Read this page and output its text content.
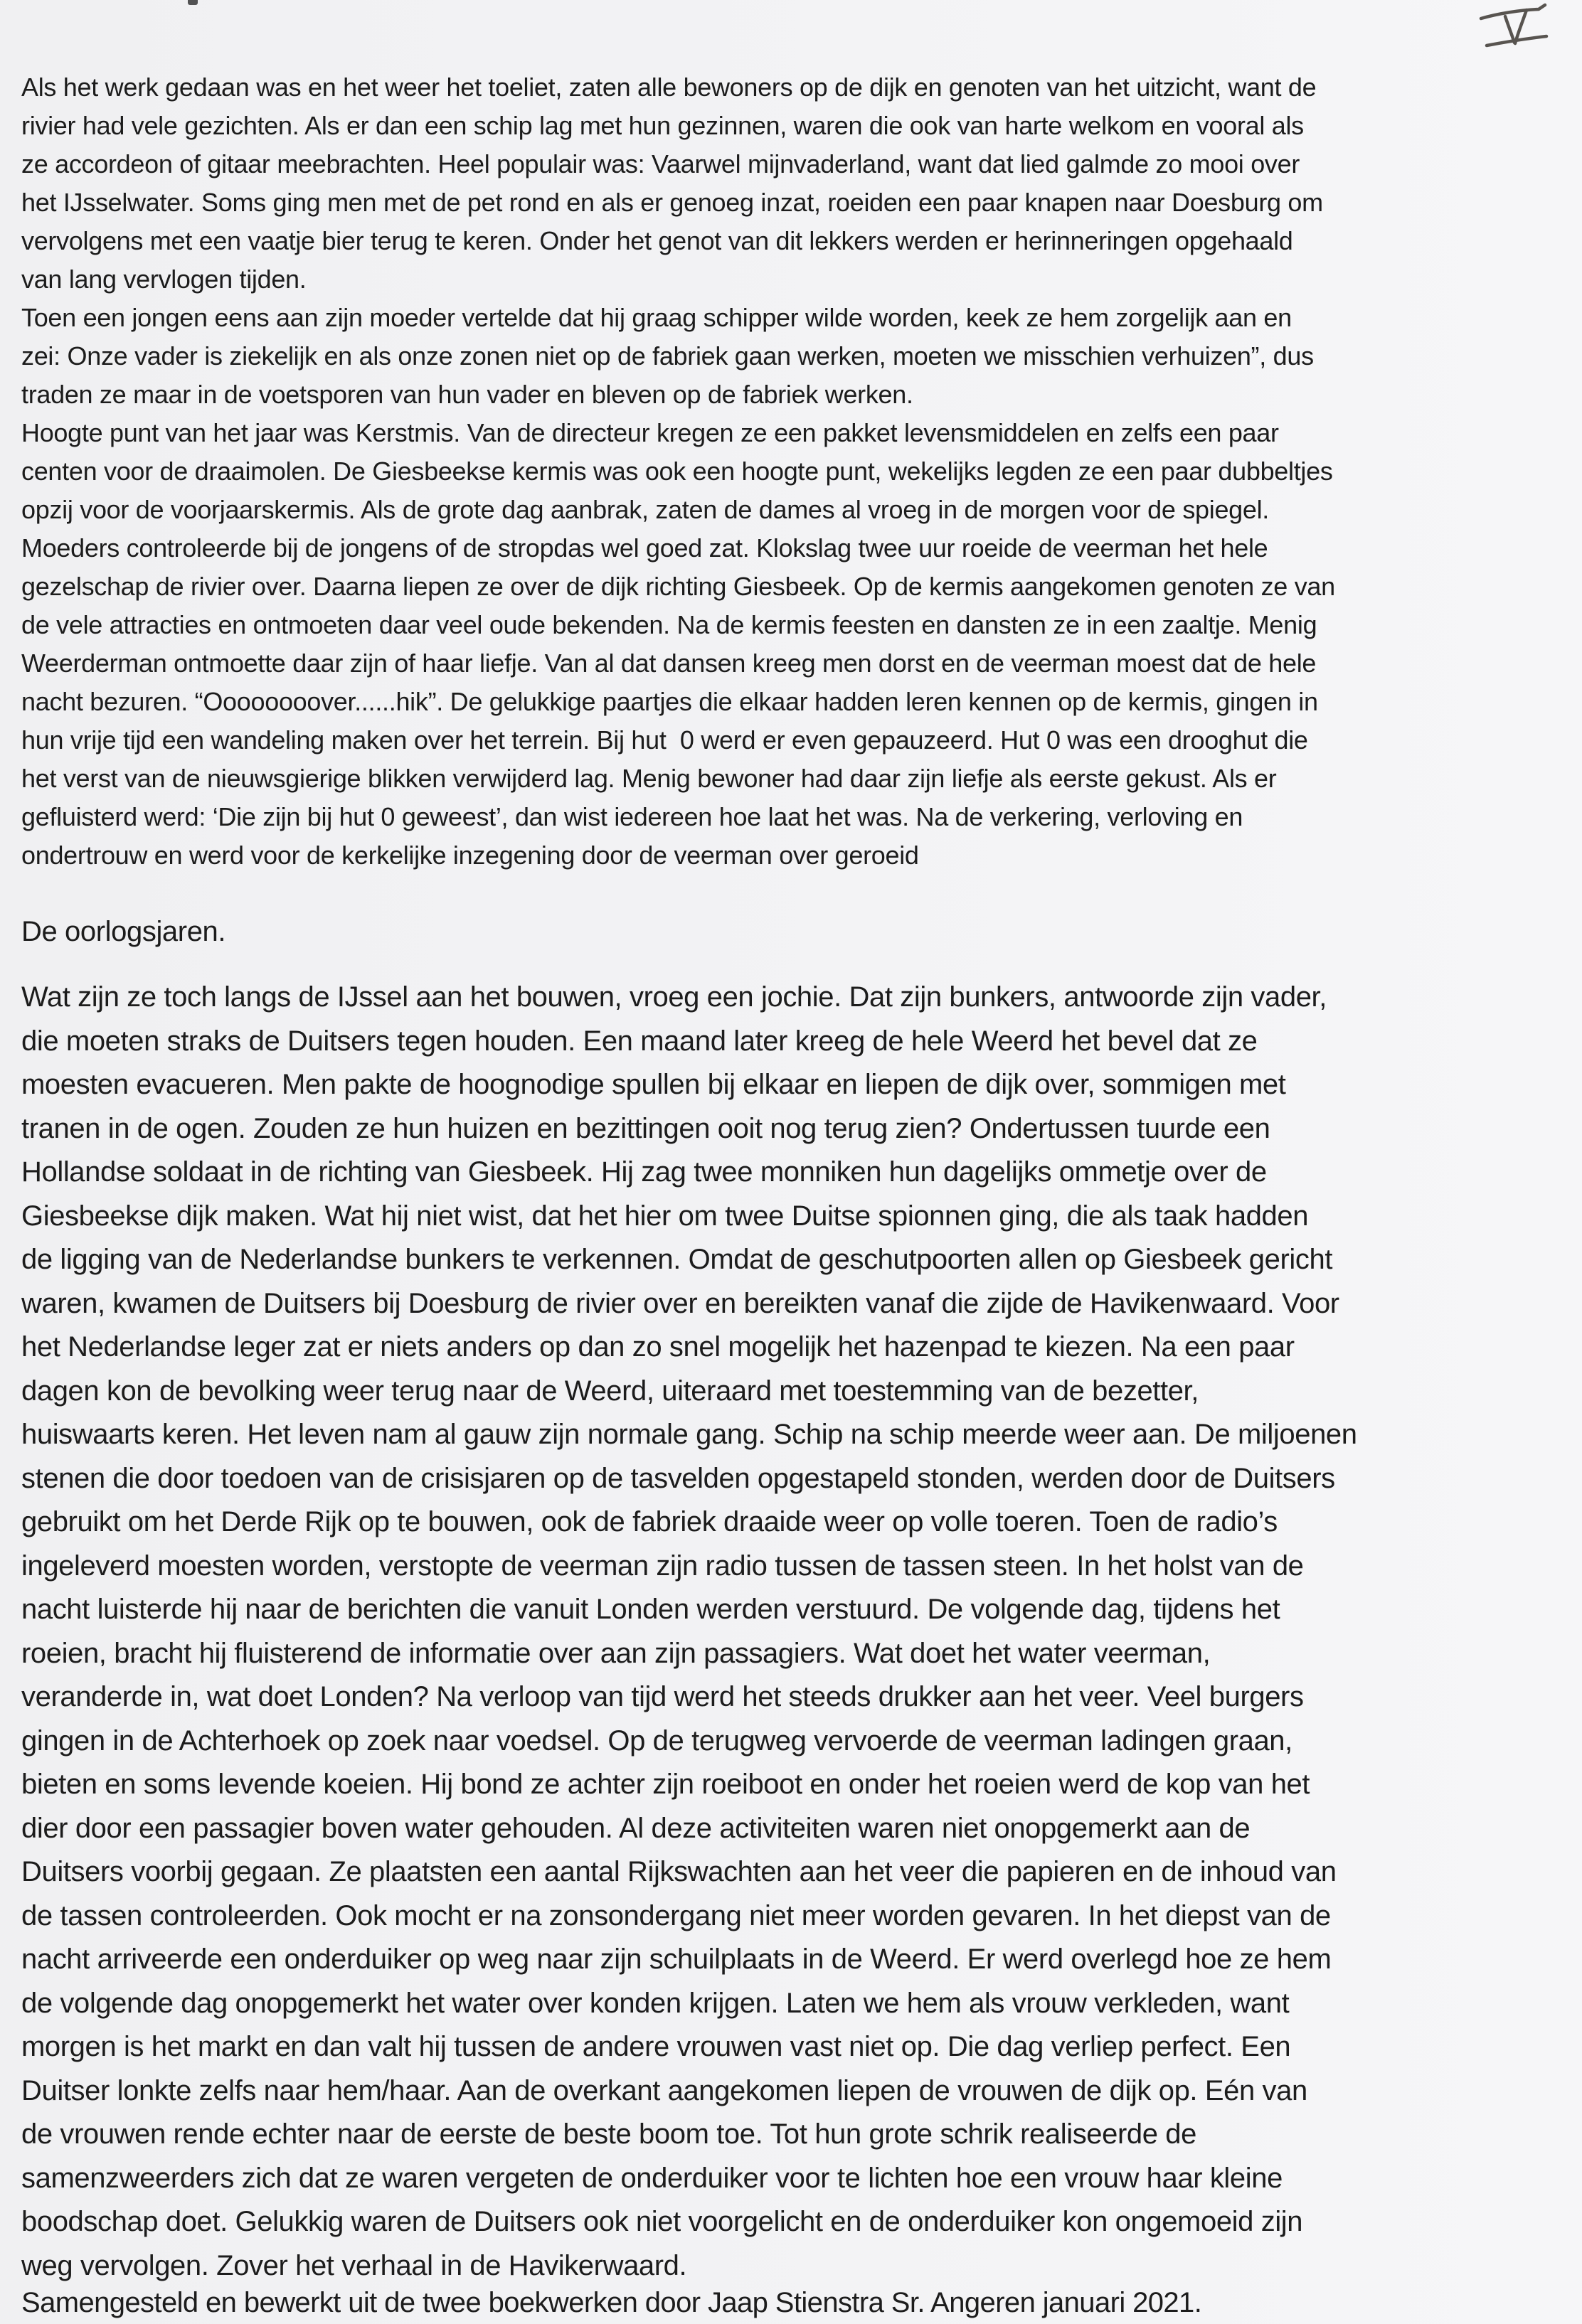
Als het werk gedaan was en het weer het toeliet, zaten alle bewoners op de dijk en genoten van het uitzicht, want de
rivier had vele gezichten. Als er dan een schip lag met hun gezinnen, waren die ook van harte welkom en vooral als
ze accordeon of gitaar meebrachten. Heel populair was: Vaarwel mijnvaderland, want dat lied galmde zo mooi over
het IJsselwater. Soms ging men met de pet rond en als er genoeg inzat, roeiden een paar knapen naar Doesburg om
vervolgens met een vaatje bier terug te keren. Onder het genot van dit lekkers werden er herinneringen opgehaald
van lang vervlogen tijden.
Toen een jongen eens aan zijn moeder vertelde dat hij graag schipper wilde worden, keek ze hem zorgelijk aan en
zei: Onze vader is ziekelijk en als onze zonen niet op de fabriek gaan werken, moeten we misschien verhuizen”, dus
traden ze maar in de voetsporen van hun vader en bleven op de fabriek werken.
Hoogte punt van het jaar was Kerstmis. Van de directeur kregen ze een pakket levensmiddelen en zelfs een paar
centen voor de draaimolen. De Giesbeekse kermis was ook een hoogte punt, wekelijks legden ze een paar dubbeltjes
opzij voor de voorjaarskermis. Als de grote dag aanbrak, zaten de dames al vroeg in de morgen voor de spiegel.
Moeders controleerde bij de jongens of de stropdas wel goed zat. Klokslag twee uur roeide de veerman het hele
gezelschap de rivier over. Daarna liepen ze over de dijk richting Giesbeek. Op de kermis aangekomen genoten ze van
de vele attracties en ontmoeten daar veel oude bekenden. Na de kermis feesten en dansten ze in een zaaltje. Menig
Weerderman ontmoette daar zijn of haar liefje. Van al dat dansen kreeg men dorst en de veerman moest dat de hele
nacht bezuren. “Oooooooover......hik”. De gelukkige paartjes die elkaar hadden leren kennen op de kermis, gingen in
hun vrije tijd een wandeling maken over het terrein. Bij hut  0 werd er even gepauzeerd. Hut 0 was een drooghut die
het verst van de nieuwsgierige blikken verwijderd lag. Menig bewoner had daar zijn liefje als eerste gekust. Als er
gefluisterd werd: ‘Die zijn bij hut 0 geweest’, dan wist iedereen hoe laat het was. Na de verkering, verloving en
ondertrouw en werd voor de kerkelijke inzegening door de veerman over geroeid
De oorlogsjaren.
Wat zijn ze toch langs de IJssel aan het bouwen, vroeg een jochie. Dat zijn bunkers, antwoorde zijn vader,
die moeten straks de Duitsers tegen houden. Een maand later kreeg de hele Weerd het bevel dat ze
moesten evacueren. Men pakte de hoognodige spullen bij elkaar en liepen de dijk over, sommigen met
tranen in de ogen. Zouden ze hun huizen en bezittingen ooit nog terug zien? Ondertussen tuurde een
Hollandse soldaat in de richting van Giesbeek. Hij zag twee monniken hun dagelijks ommetje over de
Giesbeekse dijk maken. Wat hij niet wist, dat het hier om twee Duitse spionnen ging, die als taak hadden
de ligging van de Nederlandse bunkers te verkennen. Omdat de geschutpoorten allen op Giesbeek gericht
waren, kwamen de Duitsers bij Doesburg de rivier over en bereikten vanaf die zijde de Havikenwaard. Voor
het Nederlandse leger zat er niets anders op dan zo snel mogelijk het hazenpad te kiezen. Na een paar
dagen kon de bevolking weer terug naar de Weerd, uiteraard met toestemming van de bezetter,
huiswaarts keren. Het leven nam al gauw zijn normale gang. Schip na schip meerde weer aan. De miljoenen
stenen die door toedoen van de crisisjaren op de tasvelden opgestapeld stonden, werden door de Duitsers
gebruikt om het Derde Rijk op te bouwen, ook de fabriek draaide weer op volle toeren. Toen de radio’s
ingeleverd moesten worden, verstopte de veerman zijn radio tussen de tassen steen. In het holst van de
nacht luisterde hij naar de berichten die vanuit Londen werden verstuurd. De volgende dag, tijdens het
roeien, bracht hij fluisterend de informatie over aan zijn passagiers. Wat doet het water veerman,
veranderde in, wat doet Londen? Na verloop van tijd werd het steeds drukker aan het veer. Veel burgers
gingen in de Achterhoek op zoek naar voedsel. Op de terugweg vervoerde de veerman ladingen graan,
bieten en soms levende koeien. Hij bond ze achter zijn roeiboot en onder het roeien werd de kop van het
dier door een passagier boven water gehouden. Al deze activiteiten waren niet onopgemerkt aan de
Duitsers voorbij gegaan. Ze plaatsten een aantal Rijkswachten aan het veer die papieren en de inhoud van
de tassen controleerden. Ook mocht er na zonsondergang niet meer worden gevaren. In het diepst van de
nacht arriveerde een onderduiker op weg naar zijn schuilplaats in de Weerd. Er werd overlegd hoe ze hem
de volgende dag onopgemerkt het water over konden krijgen. Laten we hem als vrouw verkleden, want
morgen is het markt en dan valt hij tussen de andere vrouwen vast niet op. Die dag verliep perfect. Een
Duitser lonkte zelfs naar hem/haar. Aan de overkant aangekomen liepen de vrouwen de dijk op. Eén van
de vrouwen rende echter naar de eerste de beste boom toe. Tot hun grote schrik realiseerde de
samenzweerders zich dat ze waren vergeten de onderduiker voor te lichten hoe een vrouw haar kleine
boodschap doet. Gelukkig waren de Duitsers ook niet voorgelicht en de onderduiker kon ongemoeid zijn
weg vervolgen. Zover het verhaal in de Havikerwaard.
Samengesteld en bewerkt uit de twee boekwerken door Jaap Stienstra Sr. Angeren januari 2021.
